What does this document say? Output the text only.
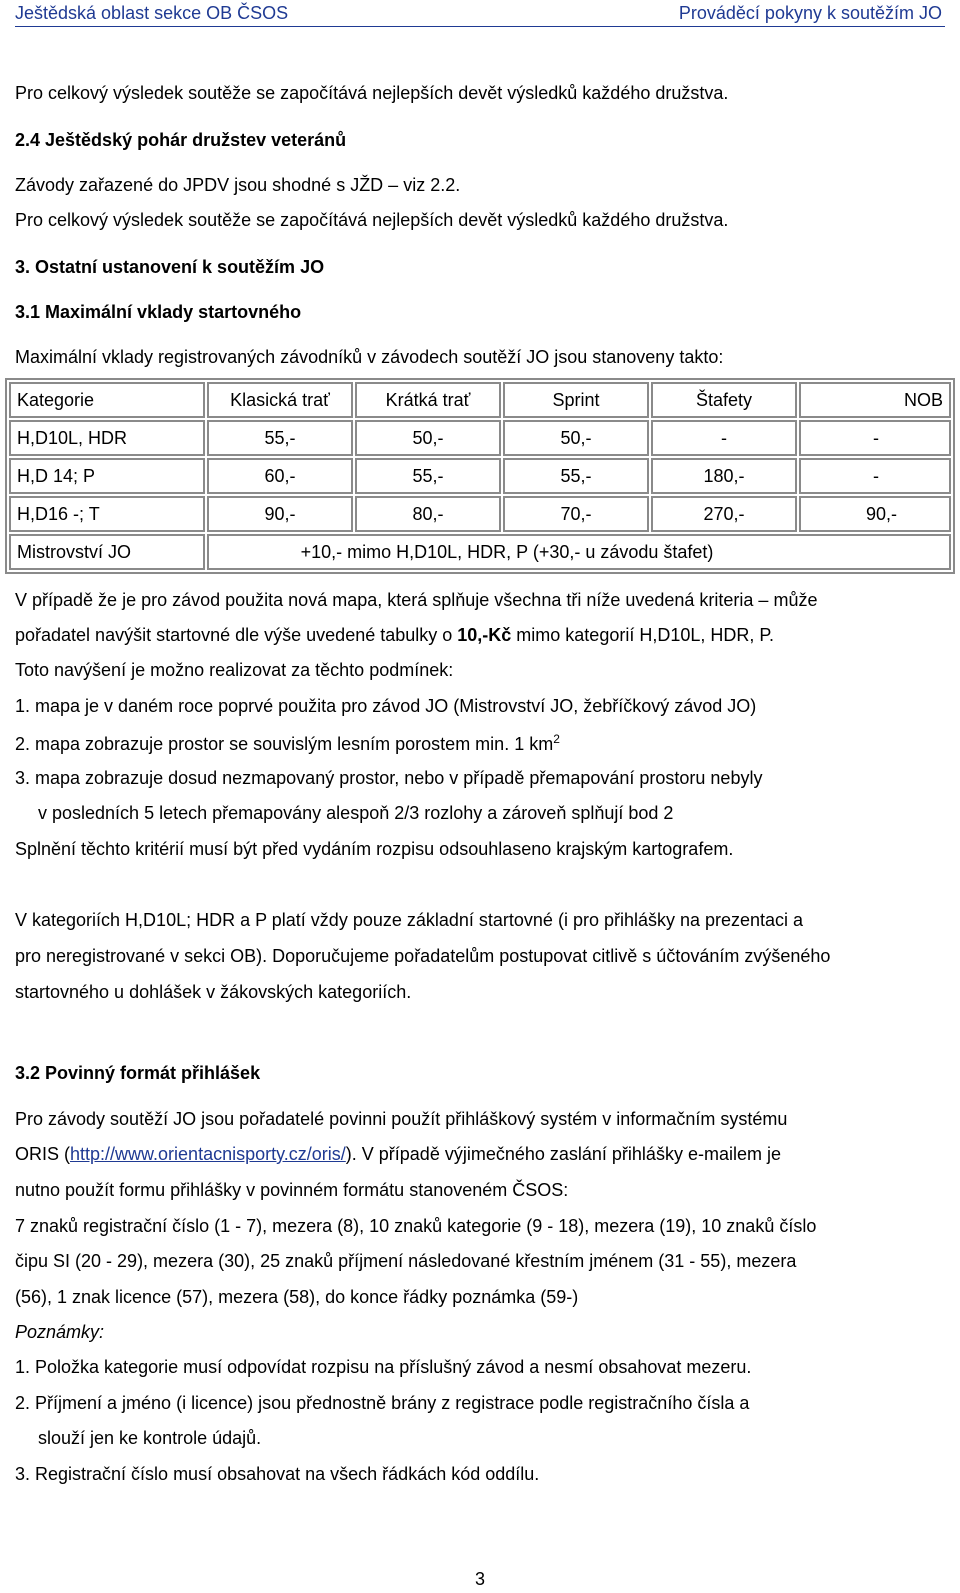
Ještědská oblast sekce OB ČSOS	Prováděcí pokyny k soutěžím JO
Pro celkový výsledek soutěže se započítává nejlepších devět výsledků každého družstva.
2.4 Ještědský pohár družstev veteránů
Závody zařazené do JPDV jsou shodné s JŽD – viz 2.2.
Pro celkový výsledek soutěže se započítává nejlepších devět výsledků každého družstva.
3. Ostatní ustanovení k soutěžím JO
3.1 Maximální vklady startovného
Maximální vklady registrovaných závodníků v závodech soutěží JO jsou stanoveny takto:
Kategorie	Klasická trať	Krátká trať	Sprint	Štafety	NOB
H,D10L, HDR	55,-	50,-	50,-	-	-
H,D 14; P	60,-	55,-	55,-	180,-	-
H,D16 -; T	90,-	80,-	70,-	270,-	90,-
Mistrovství JO	+10,- mimo H,D10L, HDR, P (+30,- u závodu štafet)				
V případě že je pro závod použita nová mapa, která splňuje všechna tři níže uvedená kriteria – může
pořadatel navýšit startovné dle výše uvedené tabulky o 10,-Kč mimo kategorií H,D10L, HDR, P.
Toto navýšení je možno realizovat za těchto podmínek:
1. mapa je v daném roce poprvé použita pro závod JO (Mistrovství JO, žebříčkový závod JO)
2. mapa zobrazuje prostor se souvislým lesním porostem min. 1 $km^2$
3. mapa zobrazuje dosud nezmapovaný prostor, nebo v případě přemapování prostoru nebyly
v posledních 5 letech přemapovány alespoň 2/3 rozlohy a zároveň splňují bod 2
Splnění těchto kritérií musí být před vydáním rozpisu odsouhlaseno krajským kartografem.
V kategoriích H,D10L; HDR a P platí vždy pouze základní startovné (i pro přihlášky na prezentaci a
pro neregistrované v sekci OB). Doporučujeme pořadatelům postupovat citlivě s účtováním zvýšeného
startovného u dohlášek v žákovských kategoriích.
3.2 Povinný formát přihlášek
Pro závody soutěží JO jsou pořadatelé povinni použít přihláškový systém v informačním systému
ORIS (http://www.orientacnisporty.cz/oris/). V případě výjimečného zaslání přihlášky e-mailem je
nutno použít formu přihlášky v povinném formátu stanoveném ČSOS:
7 znaků registrační číslo (1 - 7), mezera (8), 10 znaků kategorie (9 - 18), mezera (19), 10 znaků číslo
čipu SI (20 - 29), mezera (30), 25 znaků příjmení následované křestním jménem (31 - 55), mezera
(56), 1 znak licence (57), mezera (58), do konce řádky poznámka (59-)
Poznámky:
1. Položka kategorie musí odpovídat rozpisu na příslušný závod a nesmí obsahovat mezeru.
2. Příjmení a jméno (i licence) jsou přednostně brány z registrace podle registračního čísla a
slouží jen ke kontrole údajů.
3. Registrační číslo musí obsahovat na všech řádkách kód oddílu.
3
